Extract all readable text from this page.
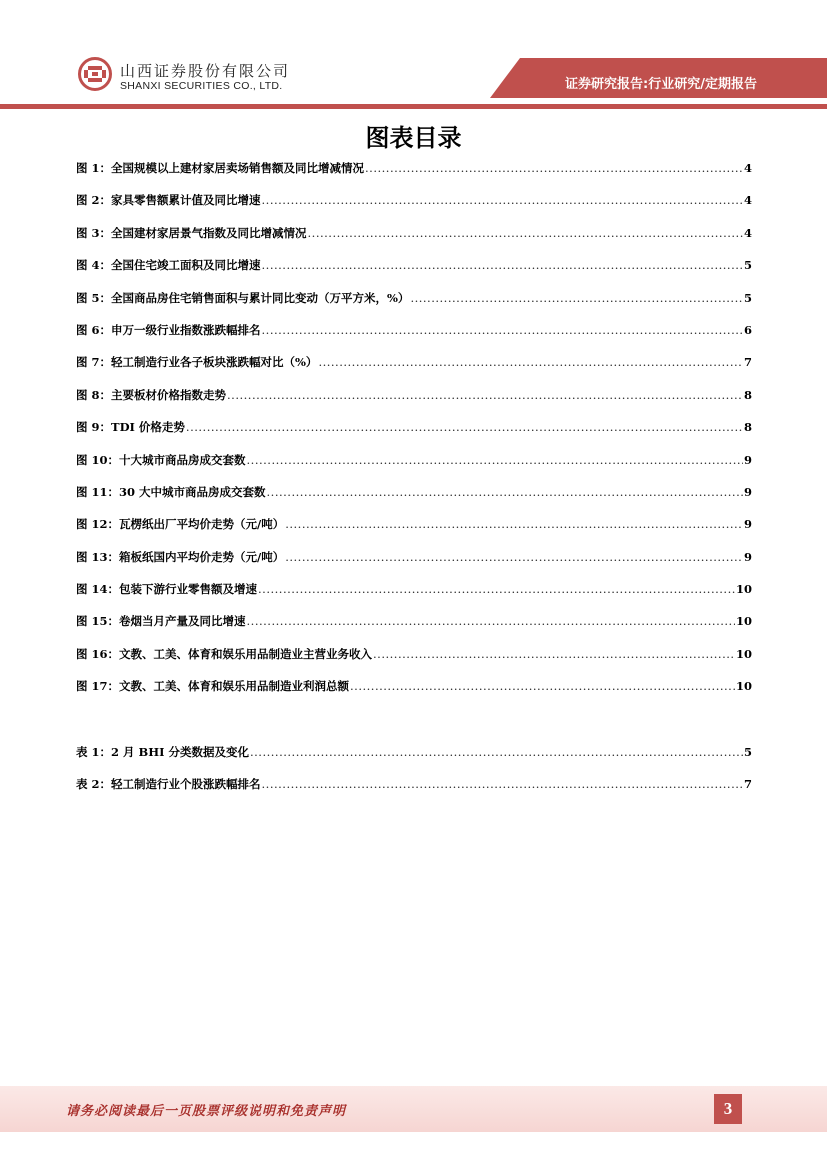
山西证券股份有限公司
SHANXI SECURITIES CO., LTD.	证券研究报告:行业研究/定期报告
图表目录
图 1：全国规模以上建材家居卖场销售额及同比增减情况 .....	4
图 2：家具零售额累计值及同比增速 .....	4
图 3：全国建材家居景气指数及同比增减情况 .....	4
图 4：全国住宅竣工面积及同比增速 .....	5
图 5：全国商品房住宅销售面积与累计同比变动（万平方米，%） .....	5
图 6：申万一级行业指数涨跌幅排名 .....	6
图 7：轻工制造行业各子板块涨跌幅对比（%） .....	7
图 8：主要板材价格指数走势 .....	8
图 9：TDI 价格走势 .....	8
图 10：十大城市商品房成交套数 .....	9
图 11：30 大中城市商品房成交套数 .....	9
图 12：瓦楞纸出厂平均价走势（元/吨） .....	9
图 13：箱板纸国内平均价走势（元/吨） .....	9
图 14：包装下游行业零售额及增速 .....	10
图 15：卷烟当月产量及同比增速 .....	10
图 16：文教、工美、体育和娱乐用品制造业主营业务收入 .....	10
图 17：文教、工美、体育和娱乐用品制造业利润总额 .....	10
表 1：2 月 BHI 分类数据及变化 .....	5
表 2：轻工制造行业个股涨跌幅排名 .....	7
请务必阅读最后一页股票评级说明和免责声明	3
